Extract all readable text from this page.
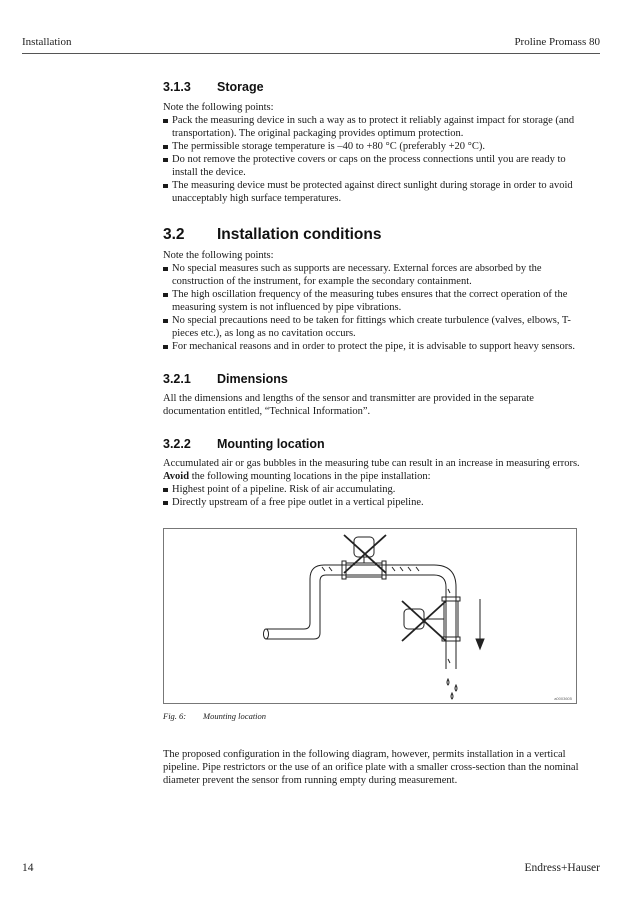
Installation	Proline Promass 80
3.1.3 Storage

Note the following points:

Pack the measuring device in such a way as to protect it reliably against impact for storage (and transportation). The original packaging provides optimum protection.
The permissible storage temperature is –40 to +80 °C (preferably +20 °C).
Do not remove the protective covers or caps on the process connections until you are ready to install the device.
The measuring device must be protected against direct sunlight during storage in order to avoid unacceptably high surface temperatures.
3.2 Installation conditions

Note the following points:

No special measures such as supports are necessary. External forces are absorbed by the construction of the instrument, for example the secondary containment.
The high oscillation frequency of the measuring tubes ensures that the correct operation of the measuring system is not influenced by pipe vibrations.
No special precautions need to be taken for fittings which create turbulence (valves, elbows, T-pieces etc.), as long as no cavitation occurs.
For mechanical reasons and in order to protect the pipe, it is advisable to support heavy sensors.
3.2.1 Dimensions

All the dimensions and lengths of the sensor and transmitter are provided in the separate documentation entitled, “Technical Information”.

3.2.2 Mounting location

Accumulated air or gas bubbles in the measuring tube can result in an increase in measuring errors.

Avoid the following mounting locations in the pipe installation:

Highest point of a pipeline. Risk of air accumulating.
Directly upstream of a free pipe outlet in a vertical pipeline.
a0003605
Fig. 6: Mounting location

The proposed configuration in the following diagram, however, permits installation in a vertical pipeline. Pipe restrictors or the use of an orifice plate with a smaller cross-section than the nominal diameter prevent the sensor from running empty during measurement.

14	Endress+Hauser
